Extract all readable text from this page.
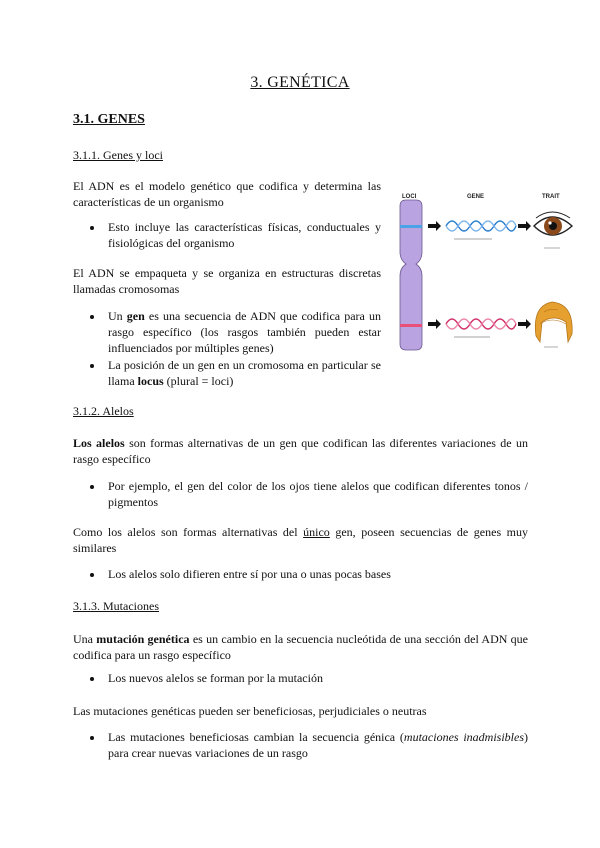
3. GENÉTICA
3.1. GENES
3.1.1. Genes y loci
El ADN es el modelo genético que codifica y determina las características de un organismo
Esto incluye las características físicas, conductuales y fisiológicas del organismo
El ADN se empaqueta y se organiza en estructuras discretas llamadas cromosomas
Un gen es una secuencia de ADN que codifica para un rasgo específico (los rasgos también pueden estar influenciados por múltiples genes)
La posición de un gen en un cromosoma en particular se llama locus (plural = loci)
LOCI	GENE	TRAIT
3.1.2. Alelos
Los alelos son formas alternativas de un gen que codifican las diferentes variaciones de un rasgo específico
Por ejemplo, el gen del color de los ojos tiene alelos que codifican diferentes tonos / pigmentos
Como los alelos son formas alternativas del único gen, poseen secuencias de genes muy similares
Los alelos solo difieren entre sí por una o unas pocas bases
3.1.3. Mutaciones
Una mutación genética es un cambio en la secuencia nucleótida de una sección del ADN que codifica para un rasgo específico
Los nuevos alelos se forman por la mutación
Las mutaciones genéticas pueden ser beneficiosas, perjudiciales o neutras
Las mutaciones beneficiosas cambian la secuencia génica (mutaciones inadmisibles) para crear nuevas variaciones de un rasgo
